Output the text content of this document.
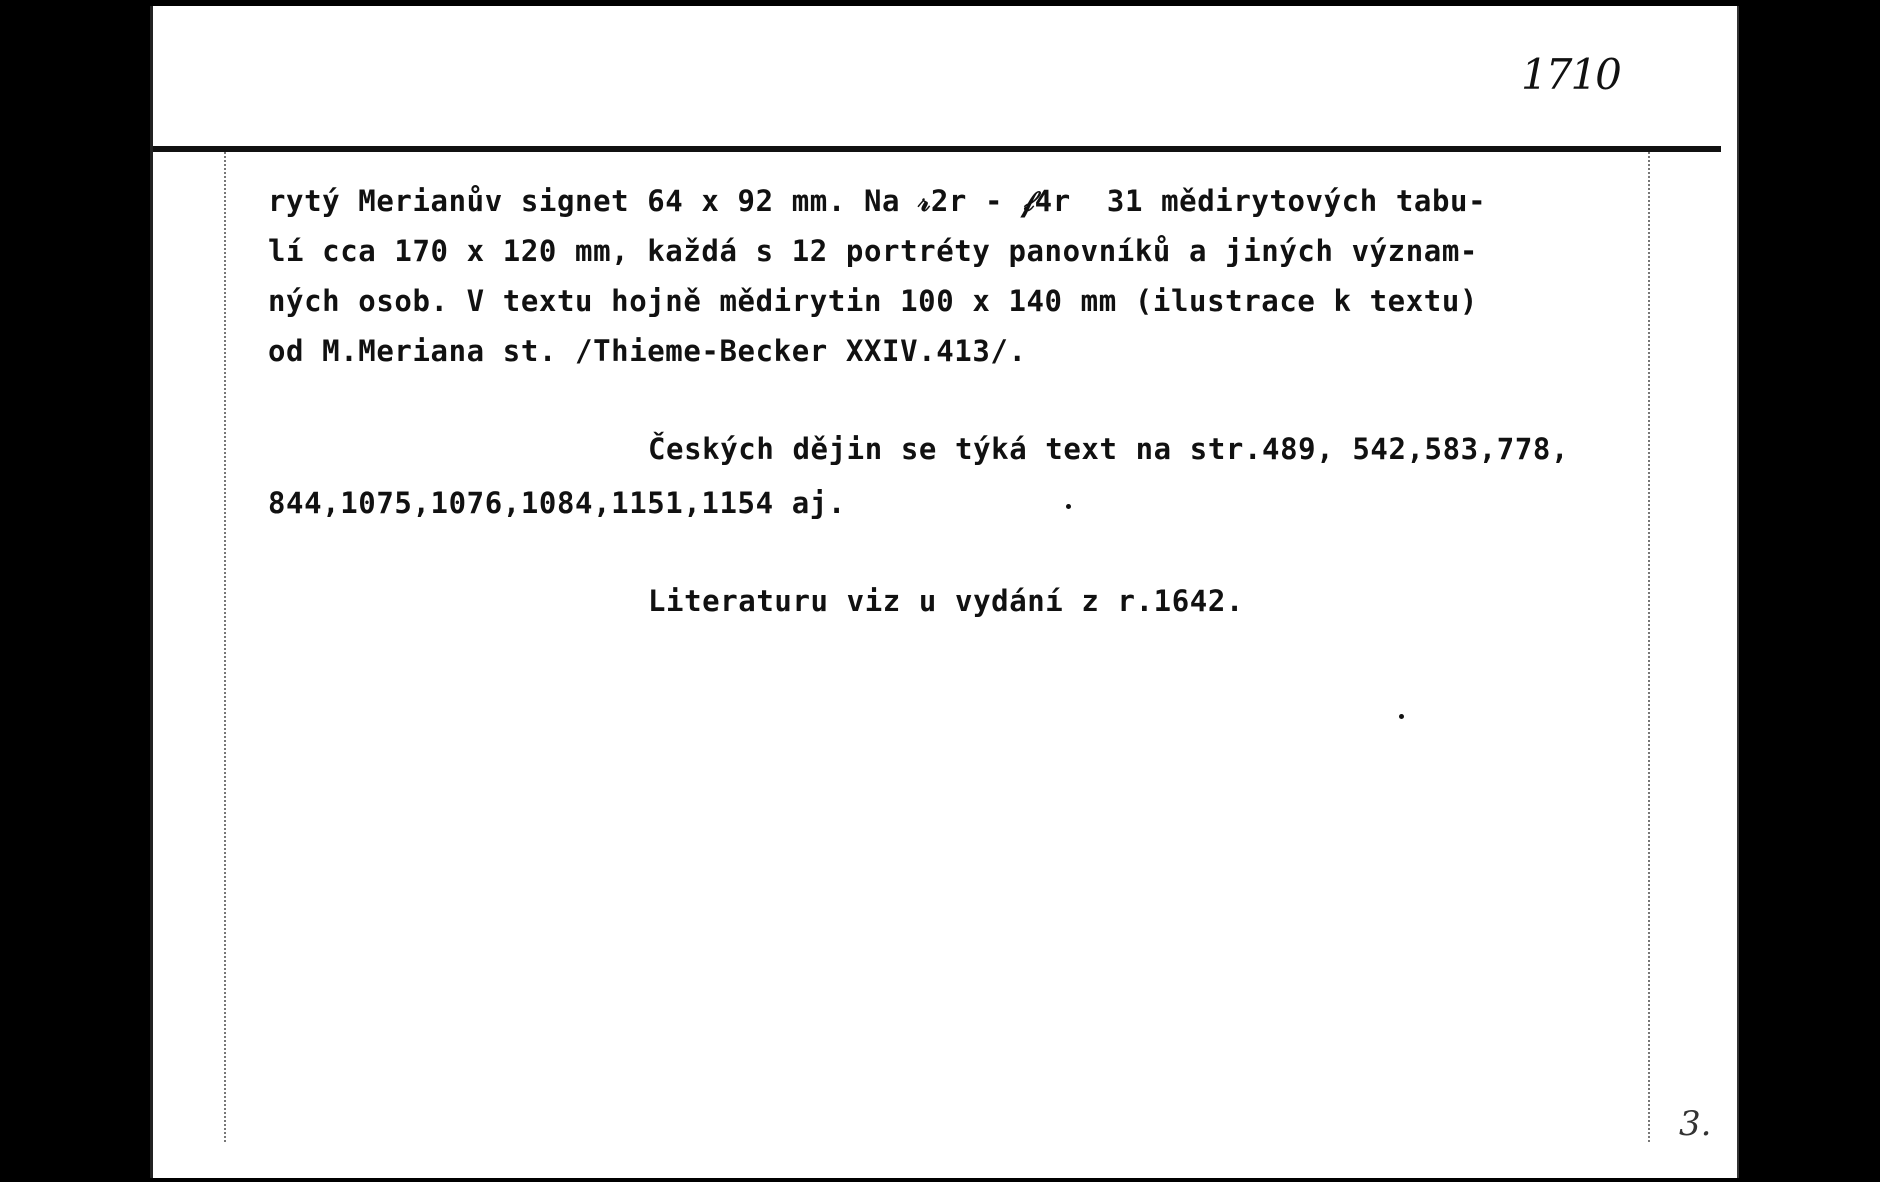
1710
rytý Merianův signet 64 x 92 mm. Na 𝓇2r - 𝒻4r  31 mědirytových tabu-
lí cca 170 x 120 mm, každá s 12 portréty panovníků a jiných význam-
ných osob. V textu hojně mědirytin 100 x 140 mm (ilustrace k textu)
od M.Meriana st. /Thieme-Becker XXIV.413/.
Českých dějin se týká text na str.489, 542,583,778,
844,1075,1076,1084,1151,1154 aj.
Literaturu viz u vydání z r.1642.
3.
